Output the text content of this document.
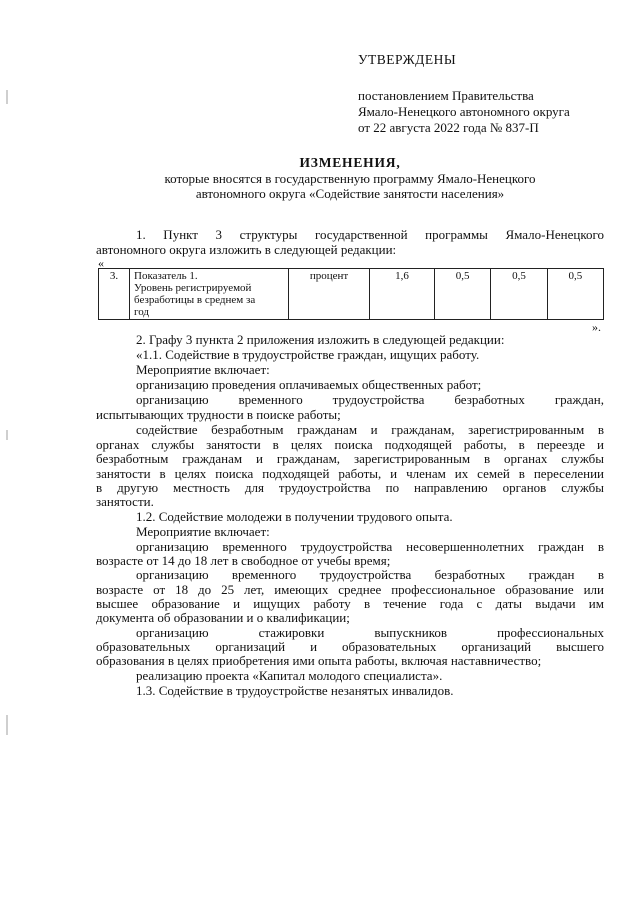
УТВЕРЖДЕНЫ
постановлением Правительства
Ямало-Ненецкого автономного округа
от 22 августа 2022 года № 837-П
ИЗМЕНЕНИЯ,
которые вносятся в государственную программу Ямало-Ненецкого
автономного округа «Содействие занятости населения»
1. Пункт 3 структуры государственной программы Ямало-Ненецкого
автономного округа изложить в следующей редакции:
«
3.	Показатель 1.
Уровень регистрируемой
безработицы в среднем за
год
	процент	1,6	0,5	0,5	0,5
».
2. Графу 3 пункта 2 приложения изложить в следующей редакции:
«1.1. Содействие в трудоустройстве граждан, ищущих работу.
Мероприятие включает:
организацию проведения оплачиваемых общественных работ;
организацию временного трудоустройства безработных граждан,
испытывающих трудности в поиске работы;
содействие безработным гражданам и гражданам, зарегистрированным в
органах службы занятости в целях поиска подходящей работы, в переезде и
безработным гражданам и гражданам, зарегистрированным в органах службы
занятости в целях поиска подходящей работы, и членам их семей в переселении
в другую местность для трудоустройства по направлению органов службы
занятости.
1.2. Содействие молодежи в получении трудового опыта.
Мероприятие включает:
организацию временного трудоустройства несовершеннолетних граждан в
возрасте от 14 до 18 лет в свободное от учебы время;
организацию временного трудоустройства безработных граждан в
возрасте от 18 до 25 лет, имеющих среднее профессиональное образование или
высшее образование и ищущих работу в течение года с даты выдачи им
документа об образовании и о квалификации;
организацию стажировки выпускников профессиональных
образовательных организаций и образовательных организаций высшего
образования в целях приобретения ими опыта работы, включая наставничество;
реализацию проекта «Капитал молодого специалиста».
1.3. Содействие в трудоустройстве незанятых инвалидов.
